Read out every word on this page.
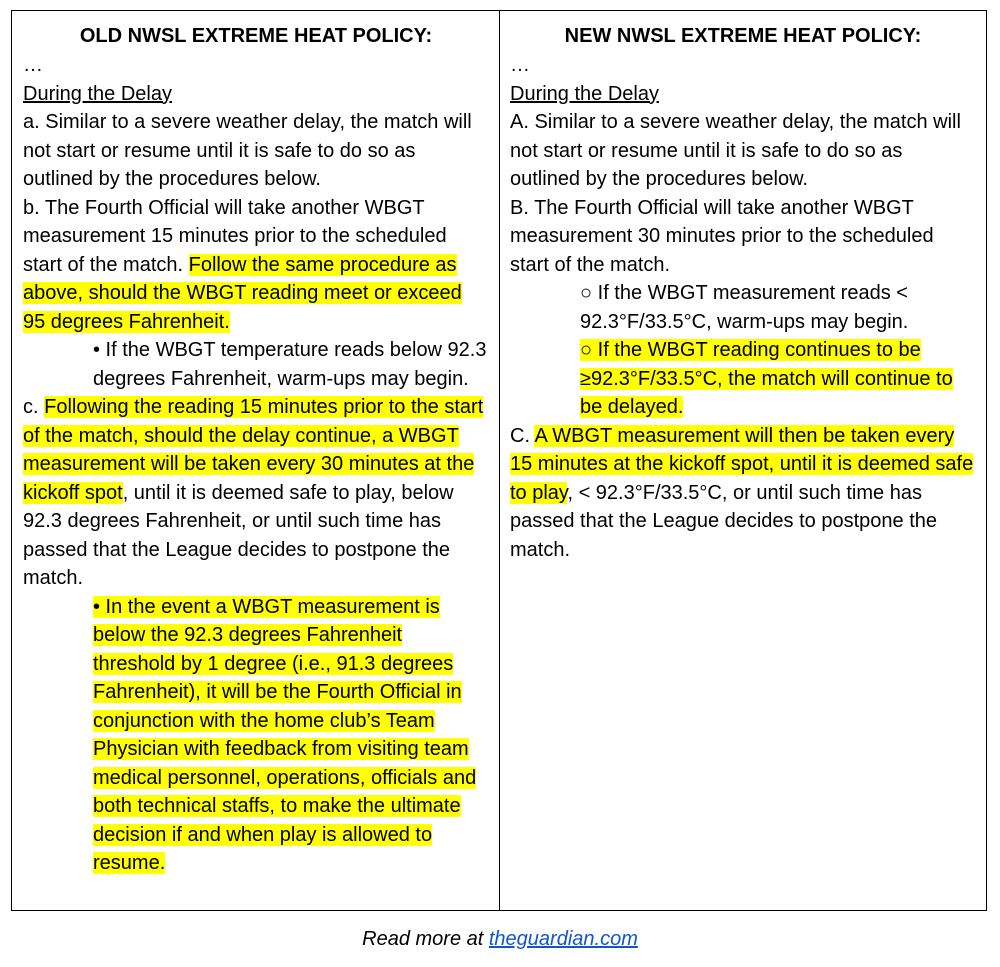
OLD NWSL EXTREME HEAT POLICY:

…

During the Delay

a. Similar to a severe weather delay, the match will not start or resume until it is safe to do so as outlined by the procedures below.

b. The Fourth Official will take another WBGT measurement 15 minutes prior to the scheduled start of the match. Follow the same procedure as above, should the WBGT reading meet or exceed 95 degrees Fahrenheit.

• If the WBGT temperature reads below 92.3 degrees Fahrenheit, warm-ups may begin.

c. Following the reading 15 minutes prior to the start of the match, should the delay continue, a WBGT measurement will be taken every 30 minutes at the kickoff spot, until it is deemed safe to play, below 92.3 degrees Fahrenheit, or until such time has passed that the League decides to postpone the match.

• In the event a WBGT measurement is below the 92.3 degrees Fahrenheit threshold by 1 degree (i.e., 91.3 degrees Fahrenheit), it will be the Fourth Official in conjunction with the home club’s Team Physician with feedback from visiting team medical personnel, operations, officials and both technical staffs, to make the ultimate decision if and when play is allowed to resume.

NEW NWSL EXTREME HEAT POLICY:

…

During the Delay

A. Similar to a severe weather delay, the match will not start or resume until it is safe to do so as outlined by the procedures below.

B. The Fourth Official will take another WBGT measurement 30 minutes prior to the scheduled start of the match.

○ If the WBGT measurement reads < 92.3°F/33.5°C, warm-ups may begin.

○ If the WBGT reading continues to be ≥92.3°F/33.5°C, the match will continue to be delayed.

C. A WBGT measurement will then be taken every 15 minutes at the kickoff spot, until it is deemed safe to play, < 92.3°F/33.5°C, or until such time has passed that the League decides to postpone the match.

Read more at theguardian.com
